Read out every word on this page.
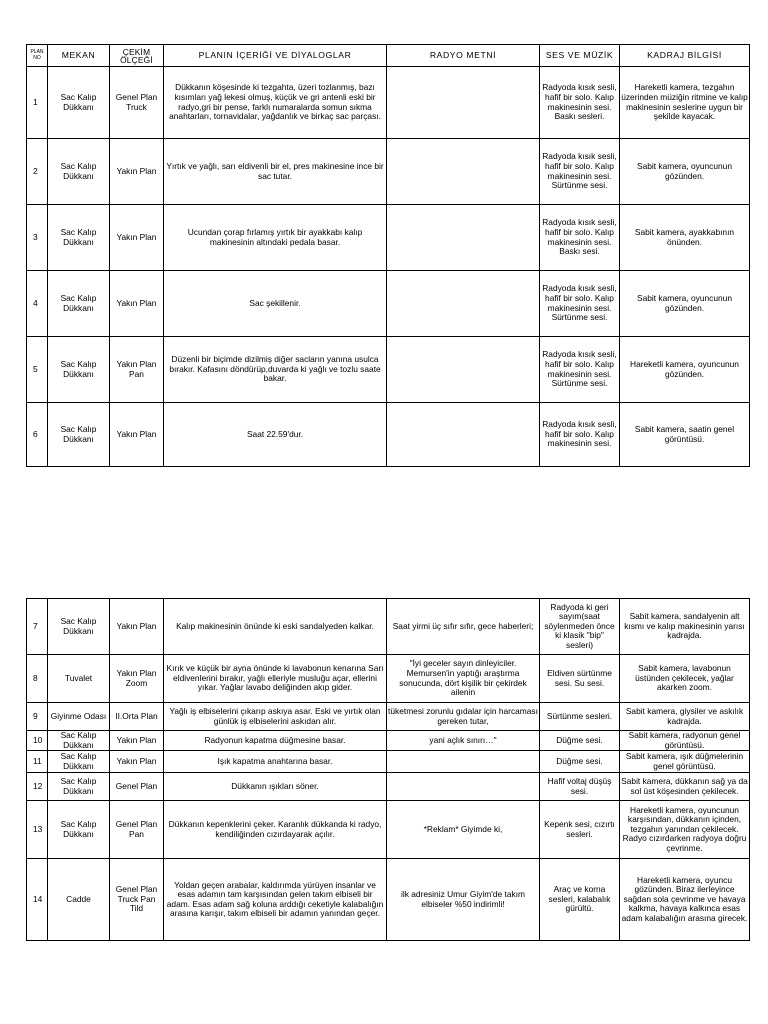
PLAN NO	MEKAN	ÇEKİM ÖLÇEĞİ	PLANIN İÇERİĞİ VE DİYALOGLAR	RADYO METNİ	SES VE MÜZİK	KADRAJ BİLGİSİ
1	Sac Kalıp Dükkanı	Genel Plan Truck	Dükkanın köşesinde ki tezgahta, üzeri tozlanmış, bazı kısımları yağ lekesi olmuş, küçük ve gri antenli eski bir radyo,gri bir pense, farklı numaralarda somun sıkma anahtarları, tornavidalar, yağdanlık ve birkaç sac parçası.		Radyoda kısık sesli, hafif bir solo. Kalıp makinesinin sesi. Baskı sesleri.	Hareketli kamera, tezgahın üzerinden müziğin ritmine ve kalıp makinesinin seslerine uygun bir şekilde kayacak.
2	Sac Kalıp Dükkanı	Yakın Plan	Yırtık ve yağlı, sarı eldivenli bir el, pres makinesine ince bir sac tutar.		Radyoda kısık sesli, hafif bir solo. Kalıp makinesinin sesi. Sürtünme sesi.	Sabit kamera, oyuncunun gözünden.
3	Sac Kalıp Dükkanı	Yakın Plan	Ucundan çorap fırlamış yırtık bir ayakkabı kalıp makinesinin altındaki pedala basar.		Radyoda kısık sesli, hafif bir solo. Kalıp makinesinin sesi. Baskı sesi.	Sabit kamera, ayakkabının önünden.
4	Sac Kalıp Dükkanı	Yakın Plan	Sac şekillenir.		Radyoda kısık sesli, hafif bir solo. Kalıp makinesinin sesi. Sürtünme sesi.	Sabit kamera, oyuncunun gözünden.
5	Sac Kalıp Dükkanı	Yakın Plan Pan	Düzenli bir biçimde dizilmiş diğer sacların yanına usulca bırakır. Kafasını döndürüp,duvarda ki yağlı ve tozlu saate bakar.		Radyoda kısık sesli, hafif bir solo. Kalıp makinesinin sesi. Sürtünme sesi.	Hareketli kamera, oyuncunun gözünden.
6	Sac Kalıp Dükkanı	Yakın Plan	Saat 22.59'dur.		Radyoda kısık sesli, hafif bir solo. Kalıp makinesinin sesi.	Sabit kamera, saatin genel görüntüsü.
7	Sac Kalıp Dükkanı	Yakın Plan	Kalıp makinesinin önünde ki eski sandalyeden kalkar.	Saat yirmi üç sıfır sıfır, gece haberleri;	Radyoda ki geri sayım(saat söylenmeden önce ki klasik "bip" sesleri)	Sabit kamera, sandalyenin alt kısmı ve kalıp makinesinin yarısı kadrajda.
8	Tuvalet	Yakın Plan Zoom	Kırık ve küçük bir ayna önünde ki lavabonun kenarına Sarı eldivenlerini bırakır, yağlı elleriyle musluğu açar, ellerini yıkar. Yağlar lavabo deliğinden akıp gider.	"İyi geceler sayın dinleyiciler. Memursen'in yaptığı araştırma sonucunda, dört kişilik bir çekirdek ailenin	Eldiven sürtünme sesi. Su sesi.	Sabit kamera, lavabonun üstünden çekilecek, yağlar akarken zoom.
9	Giyinme Odası	II.Orta Plan	Yağlı iş elbiselerini çıkarıp askıya asar. Eski ve yırtık olan günlük iş elbiselerini askıdan alır.	tüketmesi zorunlu gıdalar için harcaması gereken tutar,	Sürtünme sesleri.	Sabit kamera, giysiler ve askılık kadrajda.
10	Sac Kalıp Dükkanı	Yakın Plan	Radyonun kapatma düğmesine basar.	yani açlık sınırı…"	Düğme sesi.	Sabit kamera, radyonun genel görüntüsü.
11	Sac Kalıp Dükkanı	Yakın Plan	Işık kapatma anahtarına basar.		Düğme sesi.	Sabit kamera, ışık düğmelerinin genel görüntüsü.
12	Sac Kalıp Dükkanı	Genel Plan	Dükkanın ışıkları söner.		Hafif voltaj düşüş sesi.	Sabit kamera, dükkanın sağ ya da sol üst köşesinden çekilecek.
13	Sac Kalıp Dükkanı	Genel Plan Pan	Dükkanın kepenklerini çeker. Karanlık dükkanda ki radyo, kendiliğinden cızırdayarak açılır.	*Reklam* Giyimde ki,	Kepenk sesi, cızırtı sesleri.	Hareketli kamera, oyuncunun karşısından, dükkanın içinden, tezgahın yanından çekilecek. Radyo cızırdarken radyoya doğru çevrinme.
14	Cadde	Genel Plan Truck Pan Tild	Yoldan geçen arabalar, kaldırımda yürüyen insanlar ve esas adamın tam karşısından gelen takım elbiseli bir adam. Esas adam sağ koluna arddığı ceketiyle kalabalığın arasına karışır, takım elbiseli bir adamın yanından geçer.	ilk adresiniz Umur Giyim'de takım elbiseler %50 indirimli!	Araç ve korna sesleri, kalabalık gürültü.	Hareketli kamera, oyuncu gözünden. Biraz ilerleyince sağdan sola çevrinme ve havaya kalkma, havaya kalkınca esas adam kalabalığın arasına girecek.
